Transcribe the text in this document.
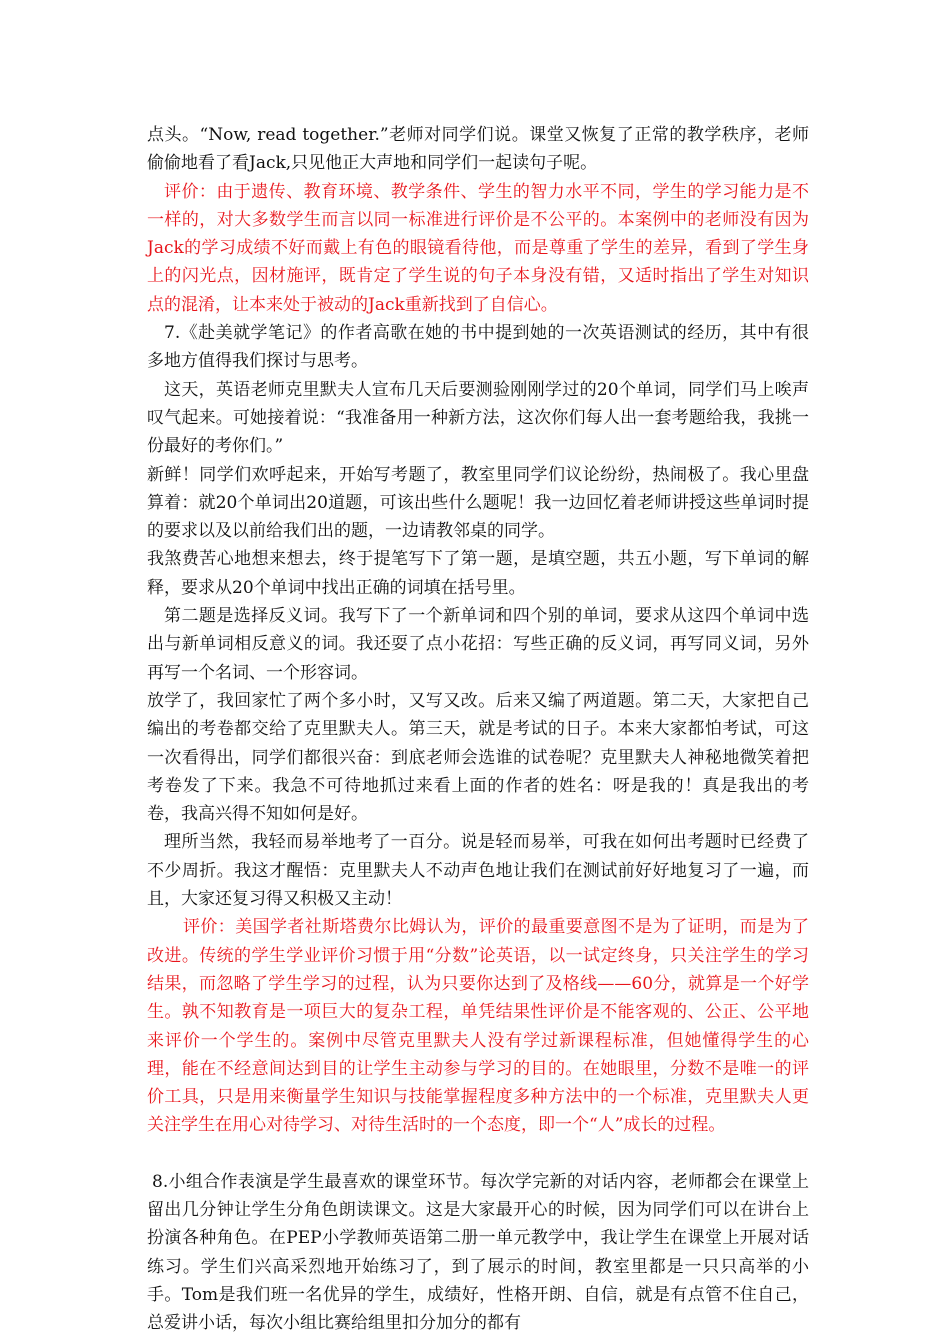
点头。“Now, read together.”老师对同学们说。课堂又恢复了正常的教学秩序，老师偷偷地看了看Jack,只见他正大声地和同学们一起读句子呢。

评价：由于遗传、教育环境、教学条件、学生的智力水平不同，学生的学习能力是不一样的，对大多数学生而言以同一标准进行评价是不公平的。本案例中的老师没有因为Jack的学习成绩不好而戴上有色的眼镜看待他，而是尊重了学生的差异，看到了学生身上的闪光点，因材施评，既肯定了学生说的句子本身没有错，又适时指出了学生对知识点的混淆，让本来处于被动的Jack重新找到了自信心。

7.《赴美就学笔记》的作者高歌在她的书中提到她的一次英语测试的经历，其中有很多地方值得我们探讨与思考。

这天，英语老师克里默夫人宣布几天后要测验刚刚学过的20个单词，同学们马上唉声叹气起来。可她接着说：“我准备用一种新方法，这次你们每人出一套考题给我，我挑一份最好的考你们。”

新鲜！同学们欢呼起来，开始写考题了，教室里同学们议论纷纷，热闹极了。我心里盘算着：就20个单词出20道题，可该出些什么题呢！我一边回忆着老师讲授这些单词时提的要求以及以前给我们出的题，一边请教邻桌的同学。

我煞费苦心地想来想去，终于提笔写下了第一题，是填空题，共五小题，写下单词的解释，要求从20个单词中找出正确的词填在括号里。

第二题是选择反义词。我写下了一个新单词和四个别的单词，要求从这四个单词中选出与新单词相反意义的词。我还耍了点小花招：写些正确的反义词，再写同义词，另外再写一个名词、一个形容词。

放学了，我回家忙了两个多小时，又写又改。后来又编了两道题。第二天，大家把自己编出的考卷都交给了克里默夫人。第三天，就是考试的日子。本来大家都怕考试，可这一次看得出，同学们都很兴奋：到底老师会选谁的试卷呢？克里默夫人神秘地微笑着把考卷发了下来。我急不可待地抓过来看上面的作者的姓名：呀是我的！真是我出的考卷，我高兴得不知如何是好。

理所当然，我轻而易举地考了一百分。说是轻而易举，可我在如何出考题时已经费了不少周折。我这才醒悟：克里默夫人不动声色地让我们在测试前好好地复习了一遍，而且，大家还复习得又积极又主动！

评价：美国学者社斯塔费尔比姆认为，评价的最重要意图不是为了证明，而是为了改进。传统的学生学业评价习惯于用“分数”论英语，以一试定终身，只关注学生的学习结果，而忽略了学生学习的过程，认为只要你达到了及格线——60分，就算是一个好学生。孰不知教育是一项巨大的复杂工程，单凭结果性评价是不能客观的、公正、公平地来评价一个学生的。案例中尽管克里默夫人没有学过新课程标准，但她懂得学生的心理，能在不经意间达到目的让学生主动参与学习的目的。在她眼里，分数不是唯一的评价工具，只是用来衡量学生知识与技能掌握程度多种方法中的一个标准，克里默夫人更关注学生在用心对待学习、对待生活时的一个态度，即一个“人”成长的过程。

8.小组合作表演是学生最喜欢的课堂环节。每次学完新的对话内容，老师都会在课堂上留出几分钟让学生分角色朗读课文。这是大家最开心的时候，因为同学们可以在讲台上扮演各种角色。在PEP小学教师英语第二册一单元教学中，我让学生在课堂上开展对话练习。学生们兴高采烈地开始练习了，到了展示的时间，教室里都是一只只高举的小手。Tom是我们班一名优异的学生，成绩好，性格开朗、自信，就是有点管不住自己，总爱讲小话，每次小组比赛给组里扣分加分的都有
